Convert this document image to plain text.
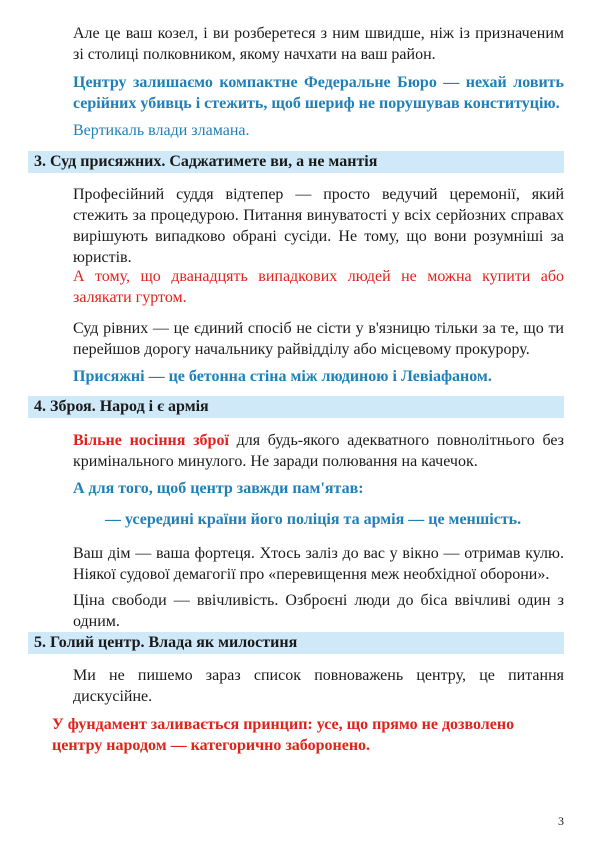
Але це ваш козел, і ви розберетеся з ним швидше, ніж із призначеним зі столиці полковником, якому начхати на ваш район.

Центру залишаємо компактне Федеральне Бюро — нехай ловить серійних убивць і стежить, щоб шериф не порушував конституцію.

Вертикаль влади зламана.

3. Суд присяжних. Саджатимете ви, а не мантія

Професійний суддя відтепер — просто ведучий церемонії, який стежить за процедурою. Питання винуватості у всіх серйозних справах вирішують випадково обрані сусіди. Не тому, що вони розумніші за юристів.

А тому, що дванадцять випадкових людей не можна купити або залякати гуртом.

Суд рівних — це єдиний спосіб не сісти у в'язницю тільки за те, що ти перейшов дорогу начальнику райвідділу або місцевому прокурору.

Присяжні — це бетонна стіна між людиною і Левіафаном.

4. Зброя. Народ і є армія

Вільне носіння зброї для будь-якого адекватного повнолітнього без кримінального минулого. Не заради полювання на качечок.

А для того, щоб центр завжди пам'ятав:

— усередині країни його поліція та армія — це меншість.

Ваш дім — ваша фортеця. Хтось заліз до вас у вікно — отримав кулю. Ніякої судової демагогії про «перевищення меж необхідної оборони».

Ціна свободи — ввічливість. Озброєні люди до біса ввічливі один з одним.

5. Голий центр. Влада як милостиня

Ми не пишемо зараз список повноважень центру, це питання дискусійне.

У фундамент заливається принцип: усе, що прямо не дозволено центру народом — категорично заборонено.

3
